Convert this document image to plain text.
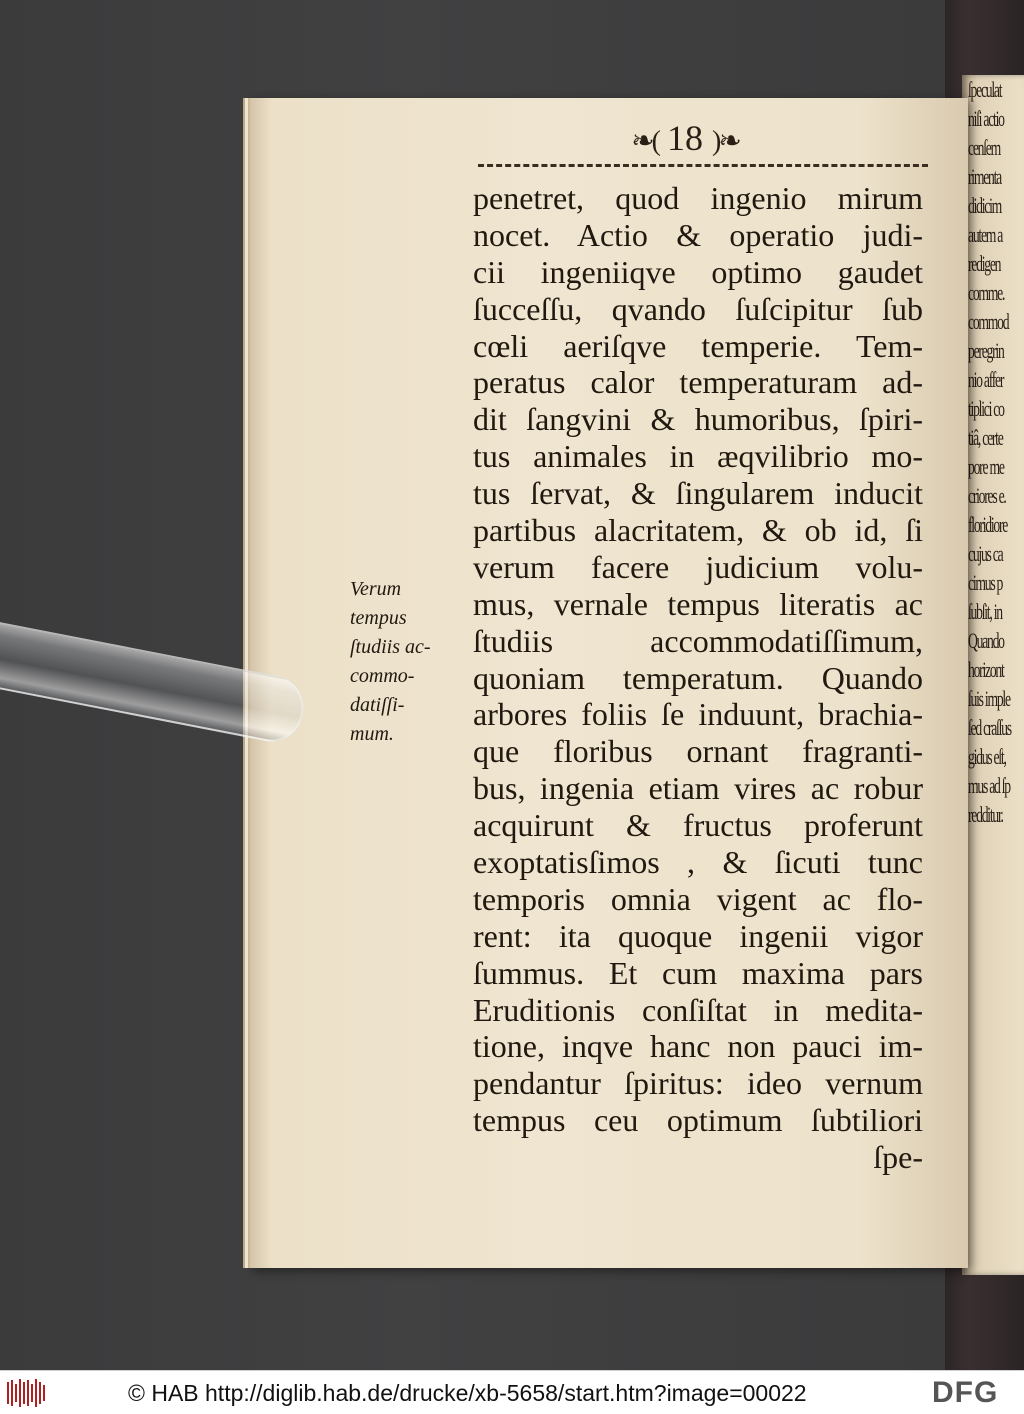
ſpeculat
niſi actio
cenſem
rimenta
didicim
autem a
redigen
comme.
commod
peregrin
nio affer
tiplici co
tiâ, certe
pore me
criores e.
floridiore
cujus ca
cimus p
ſubſit, in
Quando
horizont
ſuis imple
ſed craſſus
gidus eſt,
mus ad ſp
redditur.
❧( 18 )❧
penetret, quod ingenio mirum
nocet. Actio & operatio judi-
cii ingeniiqve optimo gaudet
ſucceſſu, qvando ſuſcipitur ſub
cœli aeriſqve temperie. Tem-
peratus calor temperaturam ad-
dit ſangvini & humoribus, ſpiri-
tus animales in æqvilibrio mo-
tus ſervat, & ſingularem inducit
partibus alacritatem, & ob id, ſi
verum facere judicium volu-
mus, vernale tempus literatis ac
ſtudiis accommodatiſſimum,
quoniam temperatum. Quando
arbores foliis ſe induunt, brachia-
que floribus ornant fragranti-
bus, ingenia etiam vires ac robur
acquirunt & fructus proferunt
exoptatisſimos , & ſicuti tunc
temporis omnia vigent ac flo-
rent: ita quoque ingenii vigor
ſummus. Et cum maxima pars
Eruditionis conſiſtat in medita-
tione, inqve hanc non pauci im-
pendantur ſpiritus: ideo vernum
tempus ceu optimum ſubtiliori
ſpe-
Verum
tempus
ſtudiis ac-
commo-
datiſſi-
mum.
© HAB http://diglib.hab.de/drucke/xb-5658/start.htm?image=00022	DFG
